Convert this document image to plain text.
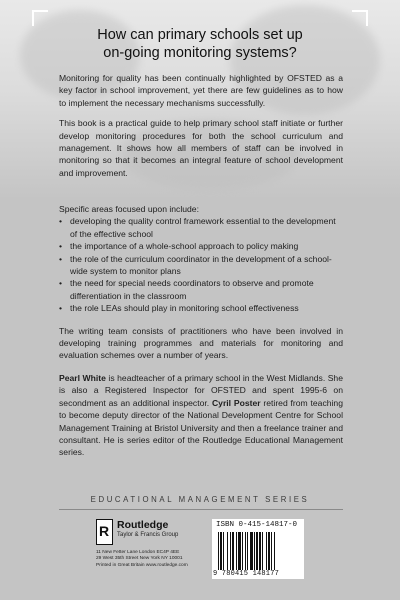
How can primary schools set up
on-going monitoring systems?

Monitoring for quality has been continually highlighted by OFSTED as a key factor in school improvement, yet there are few guidelines as to how to implement the necessary mechanisms successfully.

This book is a practical guide to help primary school staff initiate or further develop monitoring procedures for both the school curriculum and management. It shows how all members of staff can be involved in monitoring so that it becomes an integral feature of school development and improvement.

Specific areas focused upon include:

• developing the quality control framework essential to the development of the effective school
• the importance of a whole-school approach to policy making
• the role of the curriculum coordinator in the development of a school-wide system to monitor plans
• the need for special needs coordinators to observe and promote differentiation in the classroom
• the role LEAs should play in monitoring school effectiveness

The writing team consists of practitioners who have been involved in developing training programmes and materials for monitoring and evaluation schemes over a number of years.

Pearl White is headteacher of a primary school in the West Midlands. She is also a Registered Inspector for OFSTED and spent 1995-6 on secondment as an additional inspector. Cyril Poster retired from teaching to become deputy director of the National Development Centre for School Management Training at Bristol University and then a freelance trainer and consultant. He is series editor of the Routledge Educational Management series.

EDUCATIONAL MANAGEMENT SERIES
R Routledge
Taylor & Francis Group
11 New Fetter Lane London EC4P 4EE
29 West 35th Street New York NY 10001
Printed in Great Britain www.routledge.com
ISBN 0-415-14817-0
9 780415 148177
